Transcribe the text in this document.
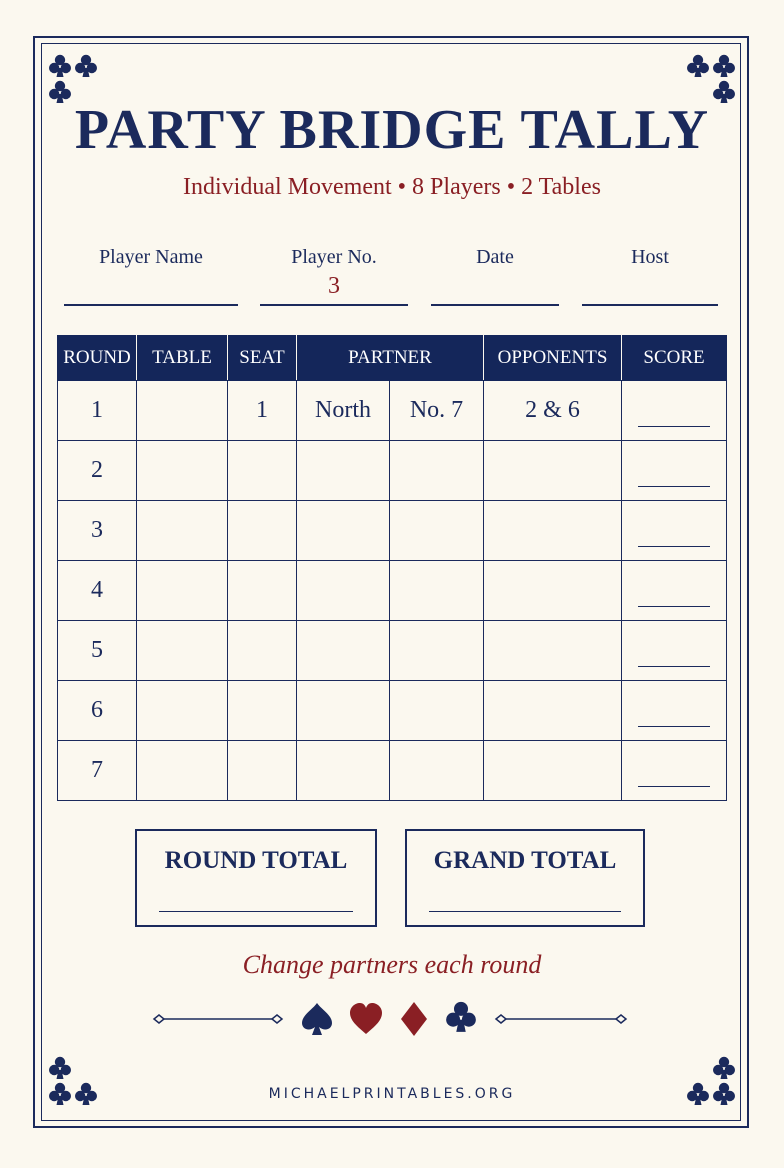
PARTY BRIDGE TALLY
Individual Movement • 8 Players • 2 Tables
Player Name	Player No.
3
Date	Host
ROUND	TABLE	SEAT	PARTNER		OPPONENTS	SCORE
1		1	North	No. 7	2 & 6	

2						

3						

4						

5						

6						

7						
ROUND TOTAL	GRAND TOTAL
Change partners each round
MICHAELPRINTABLES.ORG
